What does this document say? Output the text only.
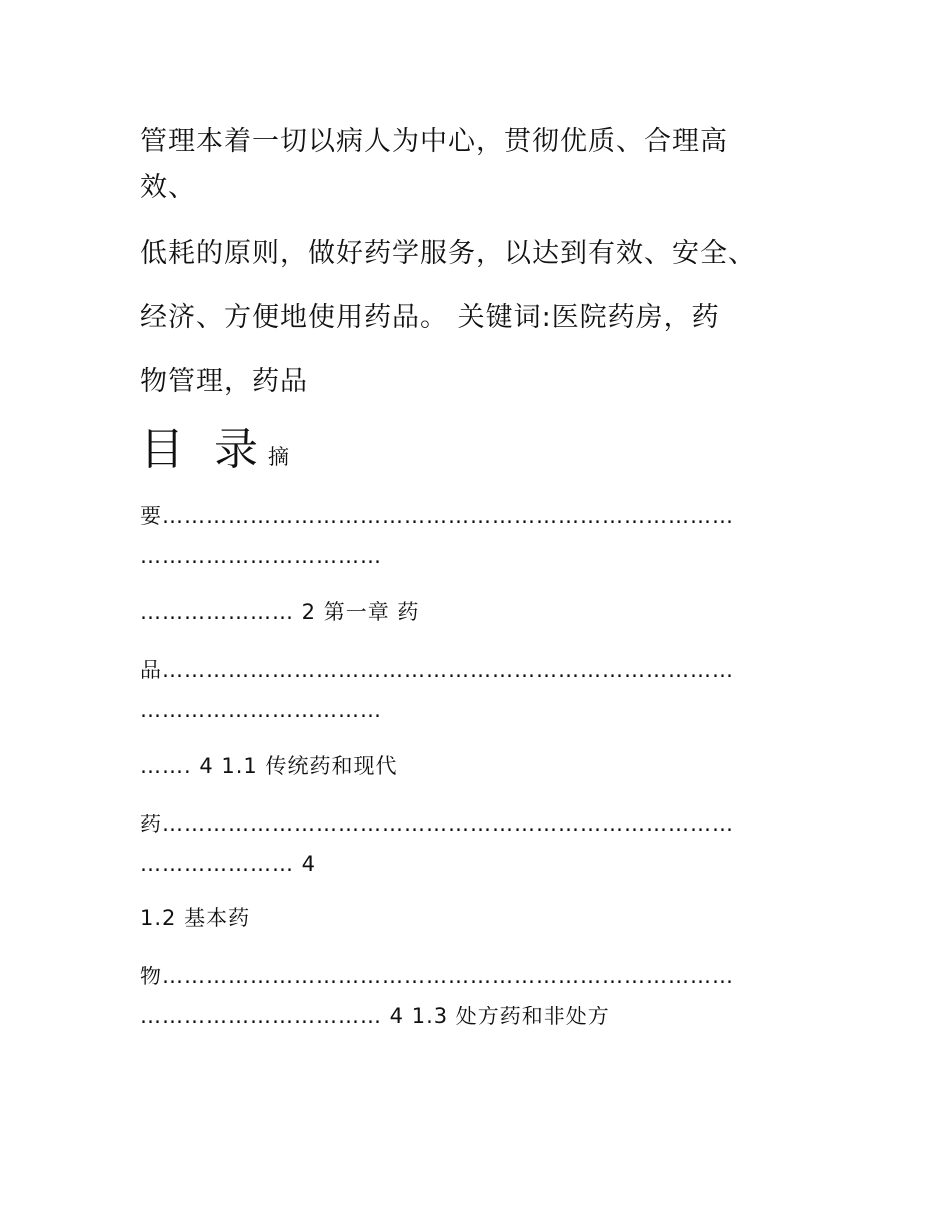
管理本着一切以病人为中心，贯彻优质、合理高
效、
低耗的原则，做好药学服务，以达到有效、安全、
经济、方便地使用药品。 关键词:医院药房，药
物管理，药品
目 录摘
要……………………………………………………………………
……………………………
………………… 2 第一章 药
品……………………………………………………………………
……………………………
……. 4 1.1 传统药和现代
药……………………………………………………………………
………………… 4
1.2 基本药
物……………………………………………………………………
…………………………… 4 1.3 处方药和非处方
